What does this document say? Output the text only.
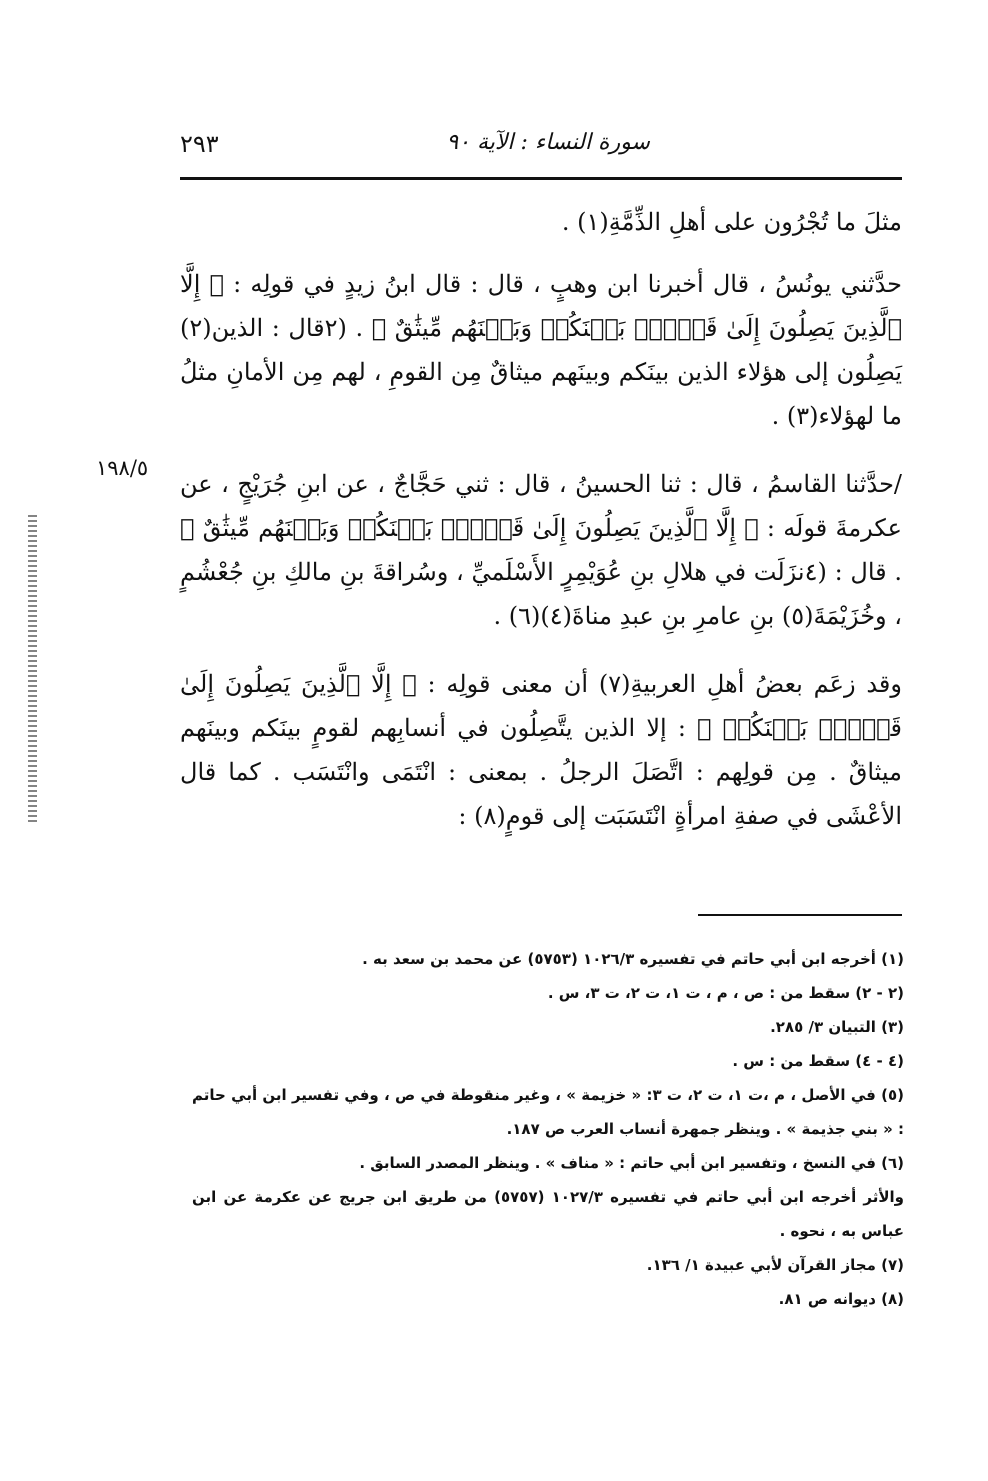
سورة النساء : الآية ٩٠
٢٩٣
١٩٨/٥

مثلَ ما تُجْرُون على أهلِ الذِّمَّةِ(١) .

حدَّثني يونُسُ ، قال أخبرنا ابن وهبٍ ، قال : قال ابنُ زيدٍ في قولِه : ﴿ إِلَّا ٱلَّذِينَ يَصِلُونَ إِلَىٰ قَوۡمِۭ بَيۡنَكُمۡ وَبَيۡنَهُم مِّيثَٰقٌ ﴾ . (٢قال : الذين(٢) يَصِلُون إلى هؤلاء الذين بينَكم وبينَهم ميثاقٌ مِن القومِ ، لهم مِن الأمانِ مثلُ ما لهؤلاء(٣) .

/حدَّثنا القاسمُ ، قال : ثنا الحسينُ ، قال : ثني حَجَّاجٌ ، عن ابنِ جُرَيْجٍ ، عن عكرمةَ قولَه : ﴿ إِلَّا ٱلَّذِينَ يَصِلُونَ إِلَىٰ قَوۡمِۭ بَيۡنَكُمۡ وَبَيۡنَهُم مِّيثَٰقٌ ﴾ . قال : (٤نزَلَت في هلالِ بنِ عُوَيْمِرٍ الأَسْلَميِّ ، وسُراقةَ بنِ مالكِ بنِ جُعْشُمٍ ، وخُزَيْمَةَ(٥) بنِ عامرِ بنِ عبدِ مناةَ(٤)(٦) .

وقد زعَم بعضُ أهلِ العربيةِ(٧) أن معنى قولِه : ﴿ إِلَّا ٱلَّذِينَ يَصِلُونَ إِلَىٰ قَوۡمِۭ بَيۡنَكُمۡ ﴾ : إلا الذين يتَّصِلُون في أنسابِهم لقومٍ بينَكم وبينَهم ميثاقٌ . مِن قولِهم : اتَّصَلَ الرجلُ . بمعنى : انْتَمَى وانْتَسَب . كما قال الأعْشَى في صفةِ امرأةٍ انْتَسَبَت إلى قومٍ(٨) :

(١) أخرجه ابن أبي حاتم في تفسيره ١٠٢٦/٣ (٥٧٥٣) عن محمد بن سعد به .

(٢ - ٢) سقط من : ص ، م ، ت ١، ت ٢، ت ٣، س .

(٣) التبيان ٣/ ٢٨٥.

(٤ - ٤) سقط من : س .

(٥) في الأصل ، م ،ت ١، ت ٢، ت ٣: « خزيمة » ، وغير منقوطة في ص ، وفي تفسير ابن أبي حاتم : « بني جذيمة » . وينظر جمهرة أنساب العرب ص ١٨٧.

(٦) في النسخ ، وتفسير ابن أبي حاتم : « مناف » . وينظر المصدر السابق .

والأثر أخرجه ابن أبي حاتم في تفسيره ١٠٢٧/٣ (٥٧٥٧) من طريق ابن جريج عن عكرمة عن ابن عباس به ، نحوه .

(٧) مجاز القرآن لأبي عبيدة ١/ ١٣٦.

(٨) ديوانه ص ٨١.
